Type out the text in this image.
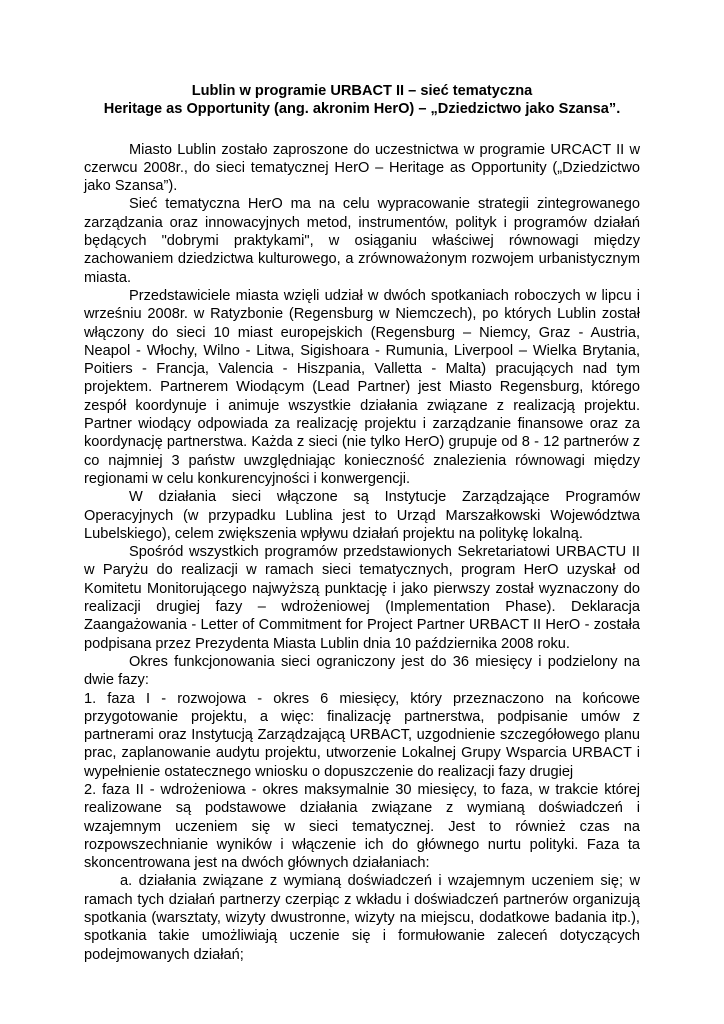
Lublin w programie URBACT II – sieć tematyczna

Heritage as Opportunity (ang. akronim HerO) – „Dziedzictwo jako Szansa”.

Miasto Lublin zostało zaproszone do uczestnictwa w programie URCACT II w czerwcu 2008r., do sieci tematycznej HerO – Heritage as Opportunity („Dziedzictwo jako Szansa”).

Sieć tematyczna HerO ma na celu wypracowanie strategii zintegrowanego zarządzania oraz innowacyjnych metod, instrumentów, polityk i programów działań będących "dobrymi praktykami", w osiąganiu właściwej równowagi między zachowaniem dziedzictwa kulturowego, a zrównoważonym rozwojem urbanistycznym miasta.

Przedstawiciele miasta wzięli udział w dwóch spotkaniach roboczych w lipcu i wrześniu 2008r. w Ratyzbonie (Regensburg w Niemczech), po których Lublin został włączony do sieci 10 miast europejskich (Regensburg – Niemcy, Graz - Austria, Neapol - Włochy, Wilno - Litwa, Sigishoara - Rumunia, Liverpool – Wielka Brytania, Poitiers - Francja, Valencia - Hiszpania, Valletta - Malta) pracujących nad tym projektem. Partnerem Wiodącym (Lead Partner) jest Miasto Regensburg, którego zespół koordynuje i animuje wszystkie działania związane z realizacją projektu. Partner wiodący odpowiada za realizację projektu i zarządzanie finansowe oraz za koordynację partnerstwa. Każda z sieci (nie tylko HerO) grupuje od 8 - 12 partnerów z co najmniej 3 państw uwzględniając konieczność znalezienia równowagi między regionami w celu konkurencyjności i konwergencji.

W działania sieci włączone są Instytucje Zarządzające Programów Operacyjnych (w przypadku Lublina jest to Urząd Marszałkowski Województwa Lubelskiego), celem zwiększenia wpływu działań projektu na politykę lokalną.

Spośród wszystkich programów przedstawionych Sekretariatowi URBACTU II w Paryżu do realizacji w ramach sieci tematycznych, program HerO uzyskał od Komitetu Monitorującego najwyższą punktację i jako pierwszy został wyznaczony do realizacji drugiej fazy – wdrożeniowej (Implementation Phase). Deklaracja Zaangażowania - Letter of Commitment for Project Partner URBACT II HerO - została podpisana przez Prezydenta Miasta Lublin dnia 10 października 2008 roku.

Okres funkcjonowania sieci ograniczony jest do 36 miesięcy i podzielony na dwie fazy:

1. faza I - rozwojowa - okres 6 miesięcy, który przeznaczono na końcowe przygotowanie projektu, a więc: finalizację partnerstwa, podpisanie umów z partnerami oraz Instytucją Zarządzającą URBACT, uzgodnienie szczegółowego planu prac, zaplanowanie audytu projektu, utworzenie Lokalnej Grupy Wsparcia URBACT i wypełnienie ostatecznego wniosku o dopuszczenie do realizacji fazy drugiej

2. faza II - wdrożeniowa - okres maksymalnie 30 miesięcy, to faza, w trakcie której realizowane są podstawowe działania związane z wymianą doświadczeń i wzajemnym uczeniem się w sieci tematycznej. Jest to również czas na rozpowszechnianie wyników i włączenie ich do głównego nurtu polityki. Faza ta skoncentrowana jest na dwóch głównych działaniach:

a. działania związane z wymianą doświadczeń i wzajemnym uczeniem się; w ramach tych działań partnerzy czerpiąc z wkładu i doświadczeń partnerów organizują spotkania (warsztaty, wizyty dwustronne, wizyty na miejscu, dodatkowe badania itp.), spotkania takie umożliwiają uczenie się i formułowanie zaleceń dotyczących podejmowanych działań;
